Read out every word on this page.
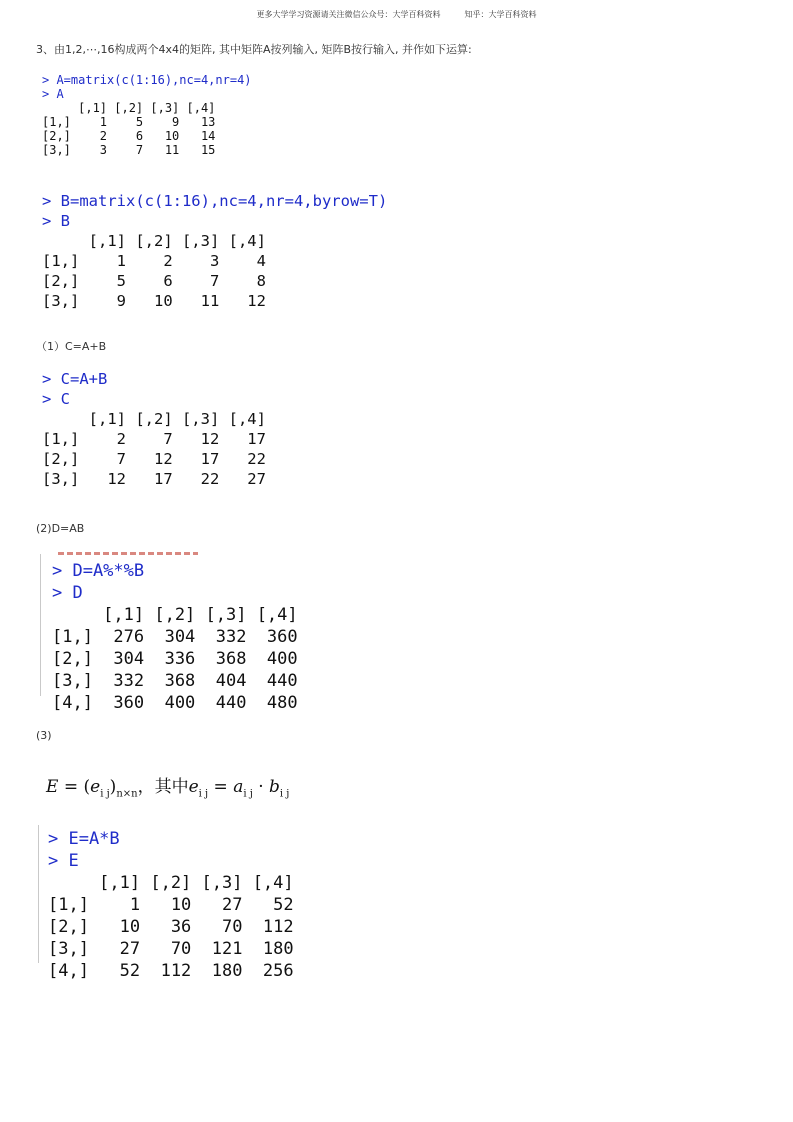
更多大学学习资源请关注微信公众号：大学百科资料　　　知乎：大学百科资料
3、由1,2,⋯,16构成两个4x4的矩阵, 其中矩阵A按列输入, 矩阵B按行输入, 并作如下运算:
> A=matrix(c(1:16),nc=4,nr=4)
> A
[,1] [,2] [,3] [,4]
[1,]    1    5    9   13
[2,]    2    6   10   14
[3,]    3    7   11   15
> B=matrix(c(1:16),nc=4,nr=4,byrow=T)
> B
[,1] [,2] [,3] [,4]
[1,]    1    2    3    4
[2,]    5    6    7    8
[3,]    9   10   11   12
（1）C=A+B
> C=A+B
> C
[,1] [,2] [,3] [,4]
[1,]    2    7   12   17
[2,]    7   12   17   22
[3,]   12   17   22   27
(2)D=AB
> D=A%*%B
> D
[,1] [,2] [,3] [,4]
[1,]  276  304  332  360
[2,]  304  336  368  400
[3,]  332  368  404  440
[4,]  360  400  440  480
(3)
$E = (e_{i j})_{n\times n}$，其中$e_{i j} = a_{i j} \cdot b_{i j}$
> E=A*B
> E
[,1] [,2] [,3] [,4]
[1,]    1   10   27   52
[2,]   10   36   70  112
[3,]   27   70  121  180
[4,]   52  112  180  256
